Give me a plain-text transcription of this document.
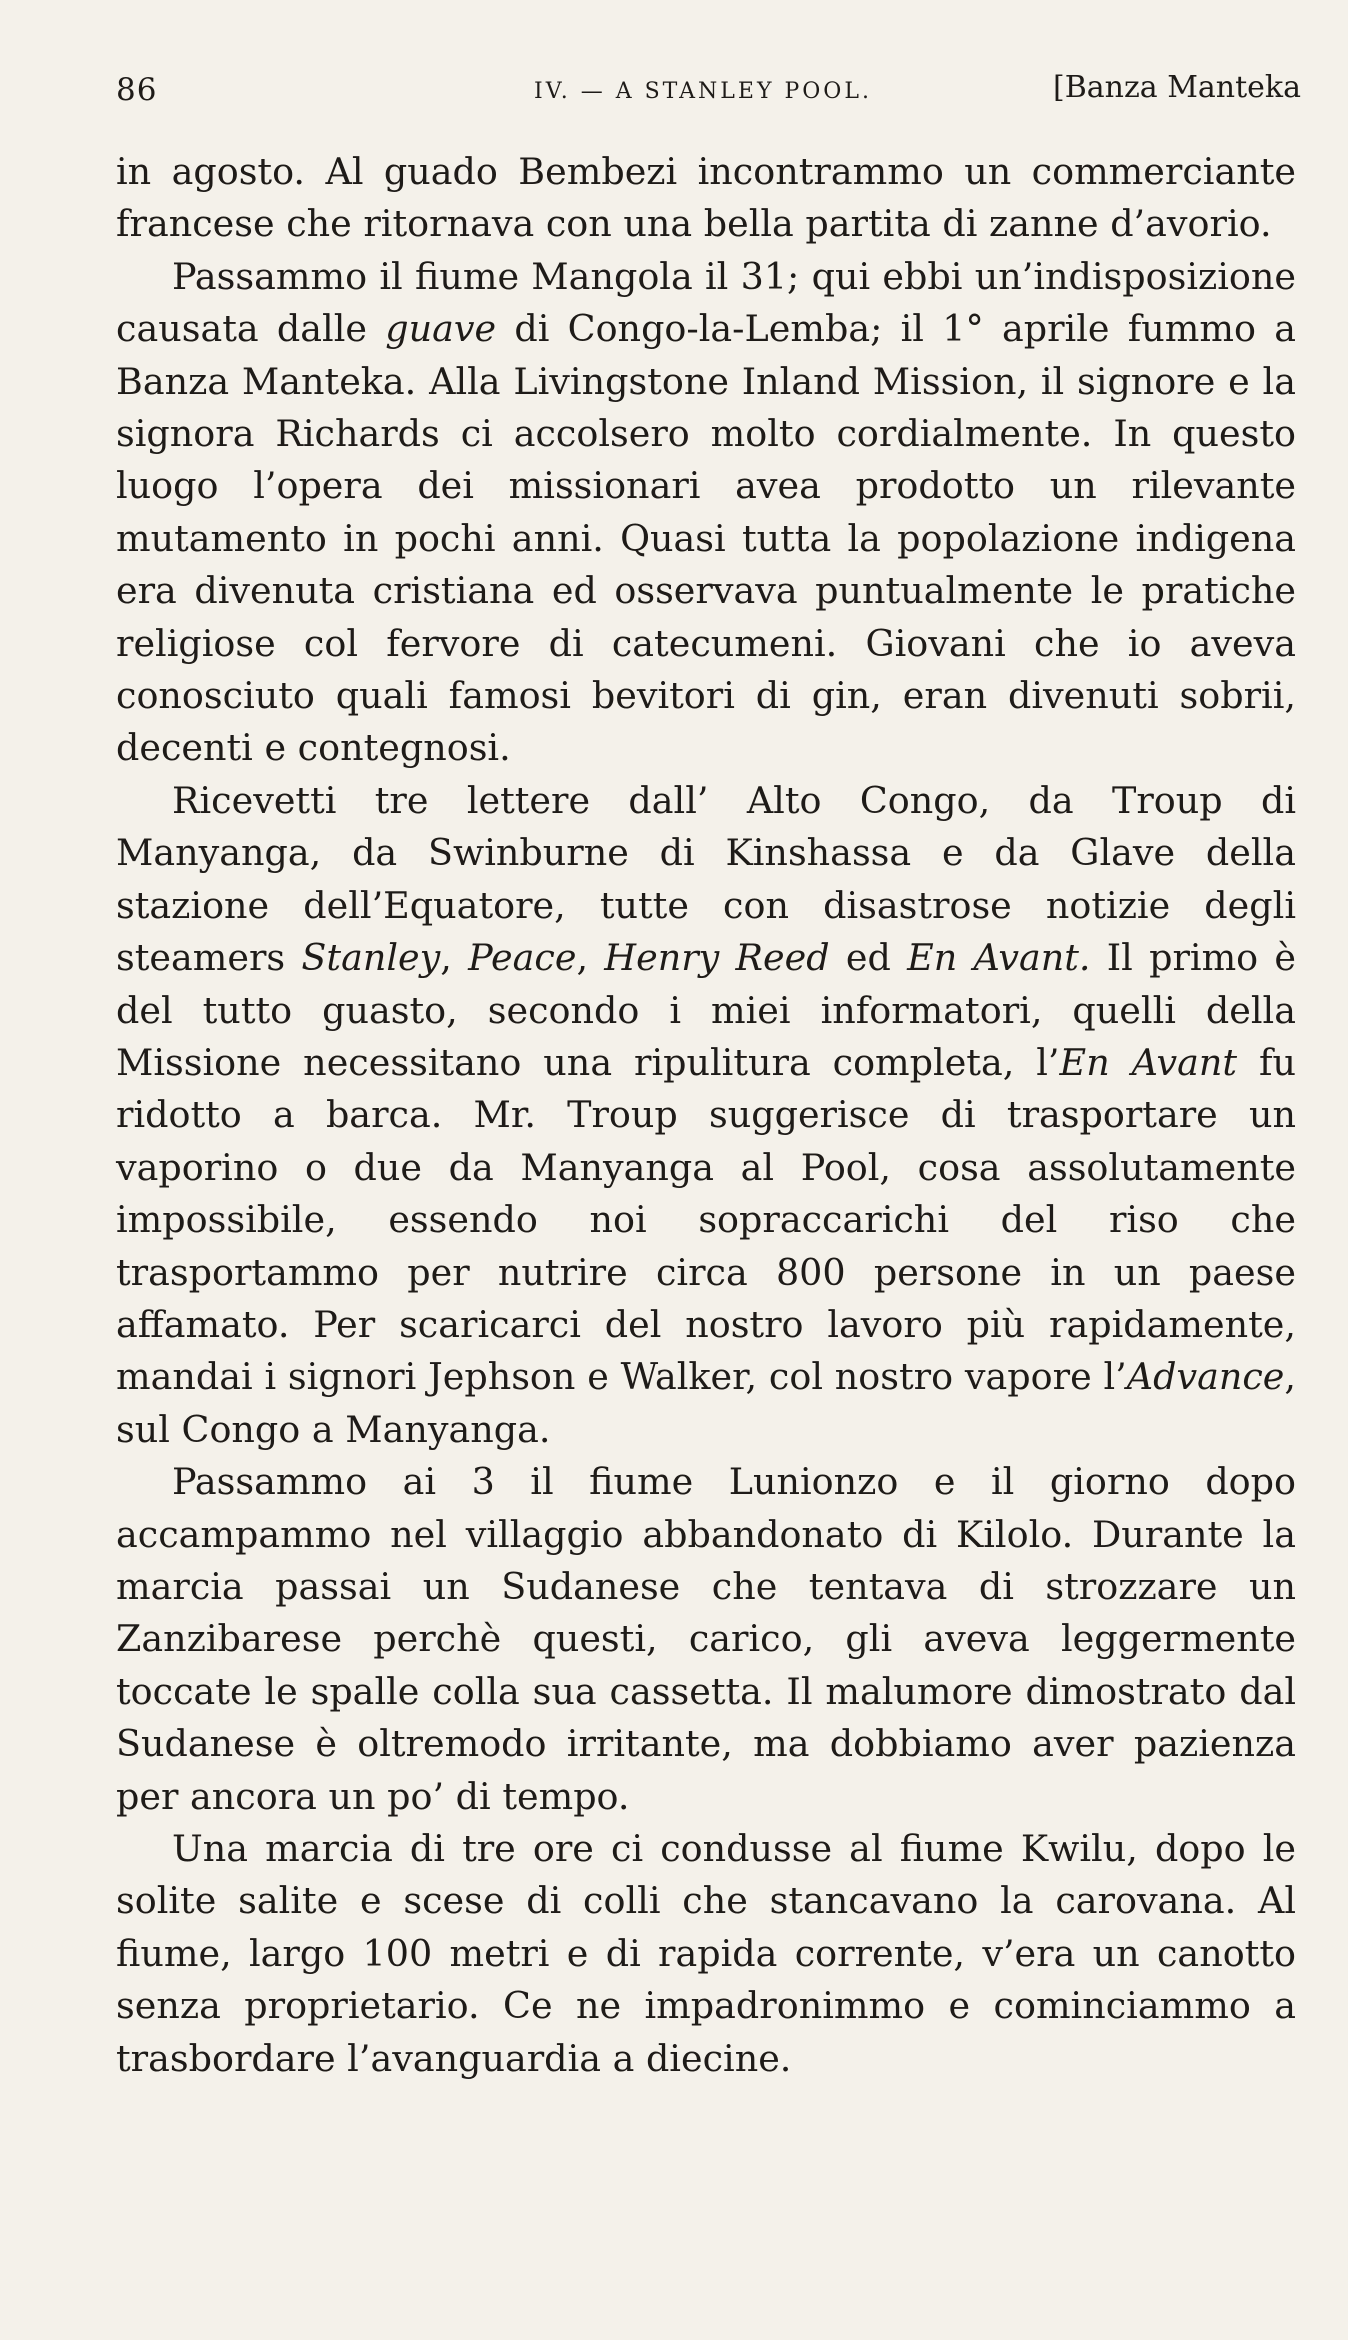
86	IV. — A STANLEY POOL.	[Banza Manteka

in agosto. Al guado Bembezi incontrammo un commerciante francese che ritornava con una bella partita di zanne d’avorio.

Passammo il fiume Mangola il 31; qui ebbi un’indisposizione causata dalle guave di Congo-la-Lemba; il 1° aprile fummo a Banza Manteka. Alla Livingstone Inland Mission, il signore e la signora Richards ci accolsero molto cordialmente. In questo luogo l’opera dei missionari avea prodotto un rilevante mutamento in pochi anni. Quasi tutta la popolazione indigena era divenuta cristiana ed osservava puntualmente le pratiche religiose col fervore di catecumeni. Giovani che io aveva conosciuto quali famosi bevitori di gin, eran divenuti sobrii, decenti e contegnosi.

Ricevetti tre lettere dall’ Alto Congo, da Troup di Manyanga, da Swinburne di Kinshassa e da Glave della stazione dell’Equatore, tutte con disastrose notizie degli steamers Stanley, Peace, Henry Reed ed En Avant. Il primo è del tutto guasto, secondo i miei informatori, quelli della Missione necessitano una ripulitura completa, l’En Avant fu ridotto a barca. Mr. Troup suggerisce di trasportare un vaporino o due da Manyanga al Pool, cosa assolutamente impossibile, essendo noi sopraccarichi del riso che trasportammo per nutrire circa 800 persone in un paese affamato. Per scaricarci del nostro lavoro più rapidamente, mandai i signori Jephson e Walker, col nostro vapore l’Advance, sul Congo a Manyanga.

Passammo ai 3 il fiume Lunionzo e il giorno dopo accampammo nel villaggio abbandonato di Kilolo. Durante la marcia passai un Sudanese che tentava di strozzare un Zanzibarese perchè questi, carico, gli aveva leggermente toccate le spalle colla sua cassetta. Il malumore dimostrato dal Sudanese è oltremodo irritante, ma dobbiamo aver pazienza per ancora un po’ di tempo.

Una marcia di tre ore ci condusse al fiume Kwilu, dopo le solite salite e scese di colli che stancavano la carovana. Al fiume, largo 100 metri e di rapida corrente, v’era un canotto senza proprietario. Ce ne impadronimmo e cominciammo a trasbordare l’avanguardia a diecine.
